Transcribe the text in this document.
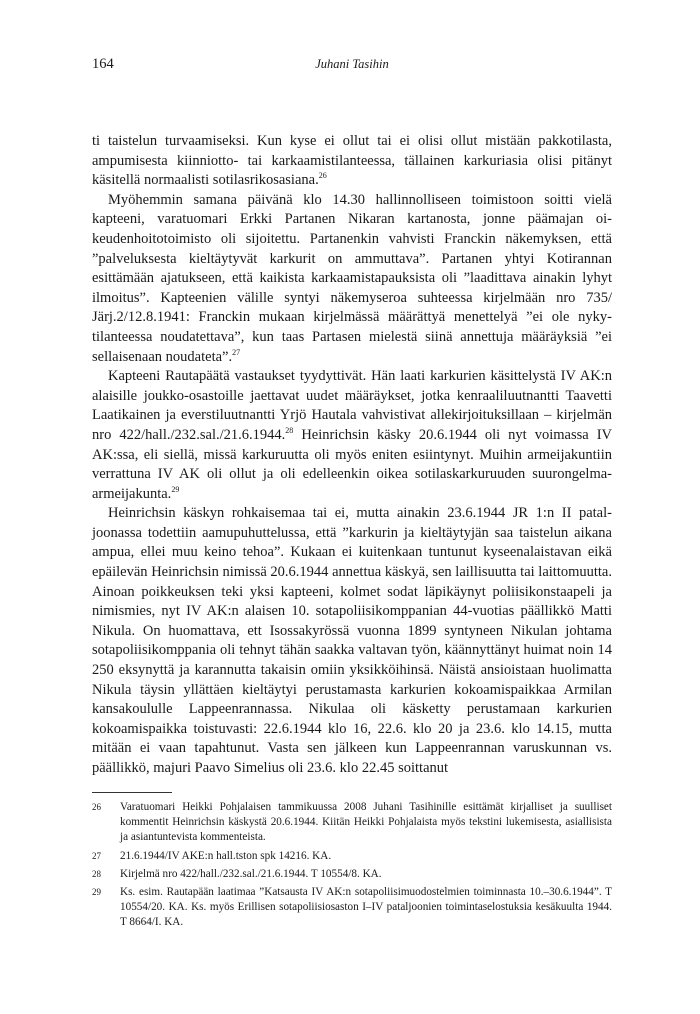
164	Juhani Tasihin

ti taistelun turvaamiseksi. Kun kyse ei ollut tai ei olisi ollut mistään pakkotilasta, ampumisesta kiinniotto- tai karkaamistilanteessa, tällainen karkuriasia olisi pitänyt käsitellä normaalisti sotilasrikosasiana.$^{26}$

Myöhemmin samana päivänä klo 14.30 hallinnolliseen toimistoon soitti vielä kapteeni, varatuomari Erkki Partanen Nikaran kartanosta, jonne päämajan oikeudenhoitotoimisto oli sijoitettu. Partanenkin vahvisti Franckin näkemyksen, että ”palveluksesta kieltäytyvät karkurit on ammuttava”. Partanen yhtyi Kotirannan esittämään ajatukseen, että kaikista karkaamistapauksista oli ”laadittava ainakin lyhyt ilmoitus”. Kapteenien välille syntyi näkemyseroa suhteessa kirjelmään nro 735/ Järj.2/12.8.1941: Franckin mukaan kirjelmässä määrättyä menettelyä ”ei ole nykytilanteessa noudatettava”, kun taas Partasen mielestä siinä annettuja määräyksiä ”ei sellaisenaan noudateta”.$^{27}$

Kapteeni Rautapäätä vastaukset tyydyttivät. Hän laati karkurien käsittelystä IV AK:n alaisille joukko-osastoille jaettavat uudet määräykset, jotka kenraaliluutnantti Taavetti Laatikainen ja everstiluutnantti Yrjö Hautala vahvistivat allekirjoituksillaan – kirjelmän nro 422/hall./232.sal./21.6.1944.28 Heinrichsin käsky 20.6.1944 oli nyt voimassa IV AK:ssa, eli siellä, missä karkuruutta oli myös eniten esiintynyt. Muihin armeijakuntiin verrattuna IV AK oli ollut ja oli edelleenkin oikea sotilaskarkuruuden suurongelma-armeijakunta.$^{29}$

Heinrichsin käskyn rohkaisemaa tai ei, mutta ainakin 23.6.1944 JR 1:n II pataljoonassa todettiin aamupuhuttelussa, että ”karkurin ja kieltäytyjän saa taistelun aikana ampua, ellei muu keino tehoa”. Kukaan ei kuitenkaan tuntunut kyseenalaistavan eikä epäilevän Heinrichsin nimissä 20.6.1944 annettua käskyä, sen laillisuutta tai laittomuutta. Ainoan poikkeuksen teki yksi kapteeni, kolmet sodat läpikäynyt poliisikonstaapeli ja nimismies, nyt IV AK:n alaisen 10. sotapoliisikomppanian 44-vuotias päällikkö Matti Nikula. On huomattava, ett Isossakyrössä vuonna 1899 syntyneen Nikulan johtama sotapoliisikomppania oli tehnyt tähän saakka valtavan työn, käännyttänyt huimat noin 14 250 eksynyttä ja karannutta takaisin omiin yksikköihinsä. Näistä ansioistaan huolimatta Nikula täysin yllättäen kieltäytyi perustamasta karkurien kokoamispaikkaa Armilan kansakoululle Lappeenrannassa. Nikulaa oli käsketty perustamaan karkurien kokoamispaikka toistuvasti: 22.6.1944 klo 16, 22.6. klo 20 ja 23.6. klo 14.15, mutta mitään ei vaan tapahtunut. Vasta sen jälkeen kun Lappeenrannan varuskunnan vs. päällikkö, majuri Paavo Simelius oli 23.6. klo 22.45 soittanut

26 Varatuomari Heikki Pohjalaisen tammikuussa 2008 Juhani Tasihinille esittämät kirjalliset ja suulliset kommentit Heinrichsin käskystä 20.6.1944. Kiitän Heikki Pohjalaista myös tekstini lukemisesta, asiallisista ja asiantuntevista kommenteista.
27 21.6.1944/IV AKE:n hall.tston spk 14216. KA.
28 Kirjelmä nro 422/hall./232.sal./21.6.1944. T 10554/8. KA.
29 Ks. esim. Rautapään laatimaa ”Katsausta IV AK:n sotapoliisimuodostelmien toiminnasta 10.–30.6.1944”. T 10554/20. KA. Ks. myös Erillisen sotapoliisiosaston I–IV pataljoonien toimintaselostuksia kesäkuulta 1944. T 8664/I. KA.
